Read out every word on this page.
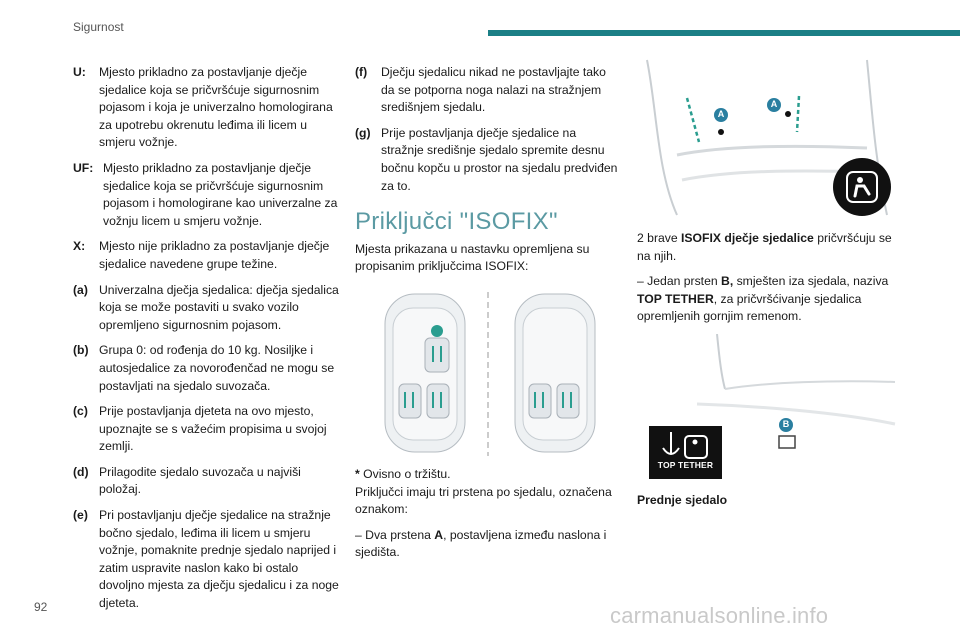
Sigurnost
U:	Mjesto prikladno za postavljanje dječje sjedalice koja se pričvršćuje sigurnosnim pojasom i koja je univerzalno homologirana za upotrebu okrenutu leđima ili licem u smjeru vožnje.
UF: Mjesto prikladno za postavljanje dječje sjedalice koja se pričvršćuje sigurnosnim pojasom i homologirane kao univerzalne za vožnju licem u smjeru vožnje.
X:	Mjesto nije prikladno za postavljanje dječje sjedalice navedene grupe težine.
(a) Univerzalna dječja sjedalica: dječja sjedalica koja se može postaviti u svako vozilo opremljeno sigurnosnim pojasom.
(b) Grupa 0: od rođenja do 10 kg. Nosiljke i autosjedalice za novorođenčad ne mogu se postavljati na sjedalo suvozača.
(c) Prije postavljanja djeteta na ovo mjesto, upoznajte se s važećim propisima u svojoj zemlji.
(d) Prilagodite sjedalo suvozača u najviši položaj.
(e) Pri postavljanju dječje sjedalice na stražnje bočno sjedalo, leđima ili licem u smjeru vožnje, pomaknite prednje sjedalo naprijed i zatim uspravite naslon kako bi ostalo dovoljno mjesta za dječju sjedalicu i za noge djeteta.
(f)	Dječju sjedalicu nikad ne postavljajte tako da se potporna noga nalazi na stražnjem središnjem sjedalu.
(g) Prije postavljanja dječje sjedalice na stražnje središnje sjedalo spremite desnu bočnu kopču u prostor na sjedalu predviđen za to.
Priključci "ISOFIX"

Mjesta prikazana u nastavku opremljena su propisanim priključcima ISOFIX:

* Ovisno o tržištu.

Priključci imaju tri prstena po sjedalu, označena oznakom:

– Dva prstena A, postavljena između naslona i sjedišta.

A
A

2 brave ISOFIX dječje sjedalice pričvršćuju se na njih.

– Jedan prsten B, smješten iza sjedala, naziva TOP TETHER, za pričvršćivanje sjedalica opremljenih gornjim remenom.

B
TOP TETHER

Prednje sjedalo

92	carmanualsonline.info
